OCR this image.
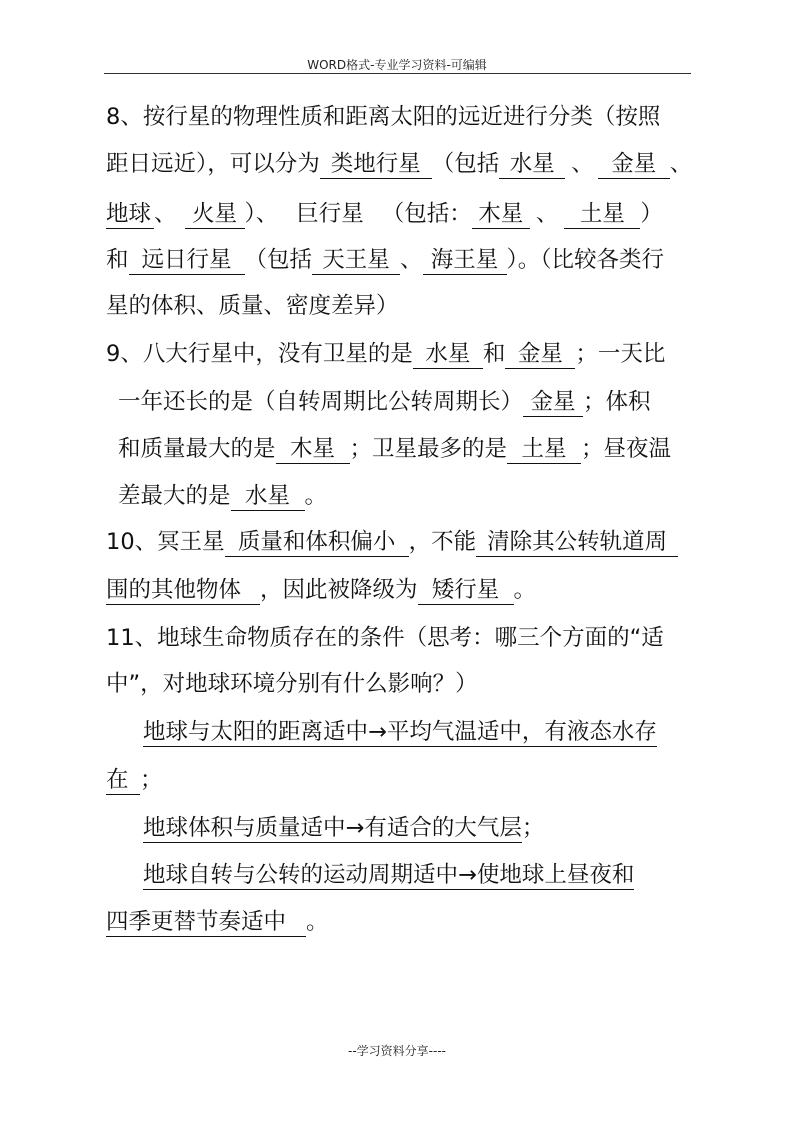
WORD格式-专业学习资料-可编辑
8、按行星的物理性质和距离太阳的远近进行分类（按照
距日远近），可以分为 类地行星 （包括 水星 、 金星 、
地球 、 火星 ）、 巨行星 （包括： 木星 、 土星 ）
和 远日行星 （包括 天王星 、 海王星 ）。（比较各类行
星的体积、质量、密度差异）
9、八大行星中，没有卫星的是 水星 和 金星 ；一天比
一年还长的是（自转周期比公转周期长） 金星 ；体积
和质量最大的是 木星 ；卫星最多的是 土星 ；昼夜温
差最大的是 水星 。
10、冥王星 质量和体积偏小 ，不能 清除其公转轨道周
围的其他物体 ，因此被降级为 矮行星 。
11、地球生命物质存在的条件（思考：哪三个方面的“适
中”，对地球环境分别有什么影响？）
地球与太阳的距离适中→平均气温适中，有液态水存
在 ；
地球体积与质量适中→有适合的大气层；
地球自转与公转的运动周期适中→使地球上昼夜和
四季更替节奏适中 。
--学习资料分享----
